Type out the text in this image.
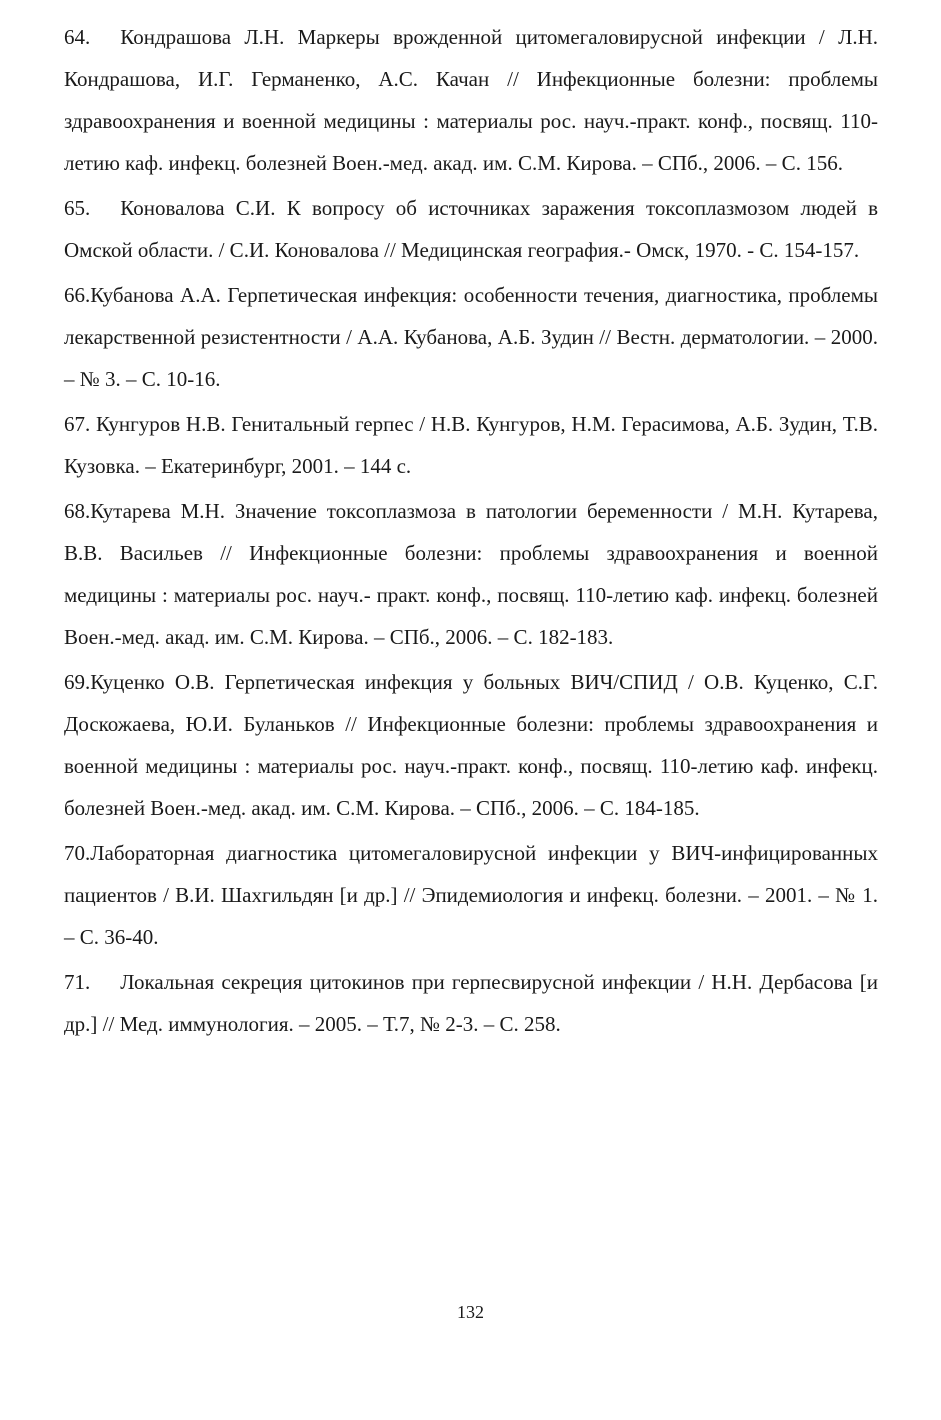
64. Кондрашова Л.Н. Маркеры врожденной цитомегаловирусной инфекции / Л.Н. Кондрашова, И.Г. Германенко, А.С. Качан // Инфекционные болезни: проблемы здравоохранения и военной медицины : материалы рос. науч.-практ. конф., посвящ. 110-летию каф. инфекц. болезней Воен.-мед. акад. им. С.М. Кирова. – СПб., 2006. – С. 156.
65. Коновалова С.И. К вопросу об источниках заражения токсоплазмозом людей в Омской области. / С.И. Коновалова // Медицинская география.- Омск, 1970. - С. 154-157.
66.Кубанова А.А. Герпетическая инфекция: особенности течения, диагностика, проблемы лекарственной резистентности / А.А. Кубанова, А.Б. Зудин // Вестн. дерматологии. – 2000. – № 3. – С. 10-16.
67. Кунгуров Н.В. Генитальный герпес / Н.В. Кунгуров, Н.М. Герасимова, А.Б. Зудин, Т.В. Кузовка. – Екатеринбург, 2001. – 144 с.
68.Кутарева М.Н. Значение токсоплазмоза в патологии беременности / М.Н. Кутарева, В.В. Васильев // Инфекционные болезни: проблемы здравоохранения и военной медицины : материалы рос. науч.- практ. конф., посвящ. 110-летию каф. инфекц. болезней Воен.-мед. акад. им. С.М. Кирова. – СПб., 2006. – С. 182-183.
69.Куценко О.В. Герпетическая инфекция у больных ВИЧ/СПИД / О.В. Куценко, С.Г. Доскожаева, Ю.И. Буланьков // Инфекционные болезни: проблемы здравоохранения и военной медицины : материалы рос. науч.-практ. конф., посвящ. 110-летию каф. инфекц. болезней Воен.-мед. акад. им. С.М. Кирова. – СПб., 2006. – С. 184-185.
70.Лабораторная диагностика цитомегаловирусной инфекции у ВИЧ-инфицированных пациентов / В.И. Шахгильдян [и др.] // Эпидемиология и инфекц. болезни. – 2001. – № 1. – С. 36-40.
71. Локальная секреция цитокинов при герпесвирусной инфекции / Н.Н. Дербасова [и др.] // Мед. иммунология. – 2005. – Т.7, № 2-3. – С. 258.
132
